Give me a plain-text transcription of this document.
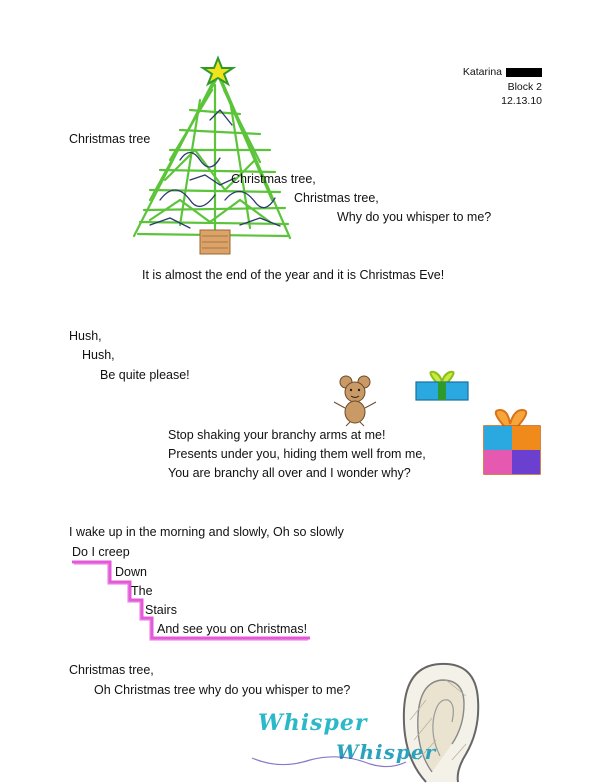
Katarina
Block 2
12.13.10
Christmas tree
Christmas tree,
Christmas tree,
Why do you whisper to me?
It is almost the end of the year and it is Christmas Eve!
Hush,
Hush,
Be quite please!
Stop shaking your branchy arms at me!
Presents under you, hiding them well from me,
You are branchy all over and I wonder why?
I wake up in the morning and slowly, Oh so slowly
Do I creep
Down
The
Stairs
And see you on Christmas!
Christmas tree,
Oh Christmas tree why do you whisper to me?
Whisper
Whisper
